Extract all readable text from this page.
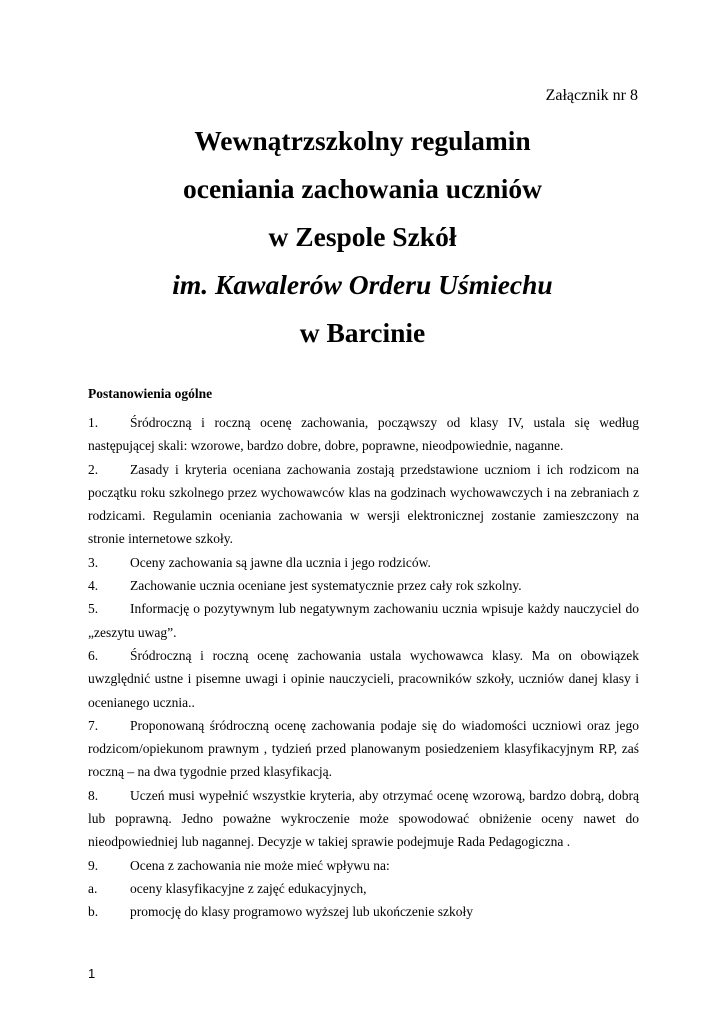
Załącznik nr 8
Wewnątrzszkolny regulamin
oceniania zachowania uczniów
w Zespole Szkół
im. Kawalerów Orderu Uśmiechu
w Barcinie
Postanowienia ogólne
1.	Śródroczną i roczną ocenę zachowania, począwszy od klasy IV, ustala się według następującej skali: wzorowe, bardzo dobre, dobre, poprawne, nieodpowiednie, naganne.
2.	Zasady i kryteria oceniana zachowania zostają przedstawione uczniom i ich rodzicom na początku roku szkolnego przez wychowawców klas na godzinach wychowawczych i na zebraniach z rodzicami. Regulamin oceniania zachowania w wersji elektronicznej zostanie zamieszczony na stronie internetowe szkoły.
3.	Oceny zachowania są jawne dla ucznia i jego rodziców.
4.	Zachowanie ucznia oceniane jest systematycznie przez cały rok szkolny.
5.	Informację o pozytywnym lub negatywnym zachowaniu ucznia wpisuje każdy nauczyciel do „zeszytu uwag”.
6.	Śródroczną i roczną ocenę zachowania ustala wychowawca klasy. Ma on obowiązek uwzględnić ustne i pisemne uwagi i opinie nauczycieli, pracowników szkoły, uczniów danej klasy i ocenianego ucznia..
7.	Proponowaną śródroczną ocenę zachowania podaje się do wiadomości uczniowi oraz jego rodzicom/opiekunom prawnym , tydzień przed planowanym posiedzeniem klasyfikacyjnym RP, zaś roczną – na dwa tygodnie przed klasyfikacją.
8.	Uczeń musi wypełnić wszystkie kryteria, aby otrzymać ocenę wzorową, bardzo dobrą, dobrą lub poprawną. Jedno poważne wykroczenie może spowodować obniżenie oceny nawet do nieodpowiedniej lub nagannej. Decyzje w takiej sprawie podejmuje Rada Pedagogiczna .
9.	Ocena z zachowania nie może mieć wpływu na:
a.	oceny klasyfikacyjne z zajęć edukacyjnych,
b.	promocję do klasy programowo wyższej lub ukończenie szkoły
1
